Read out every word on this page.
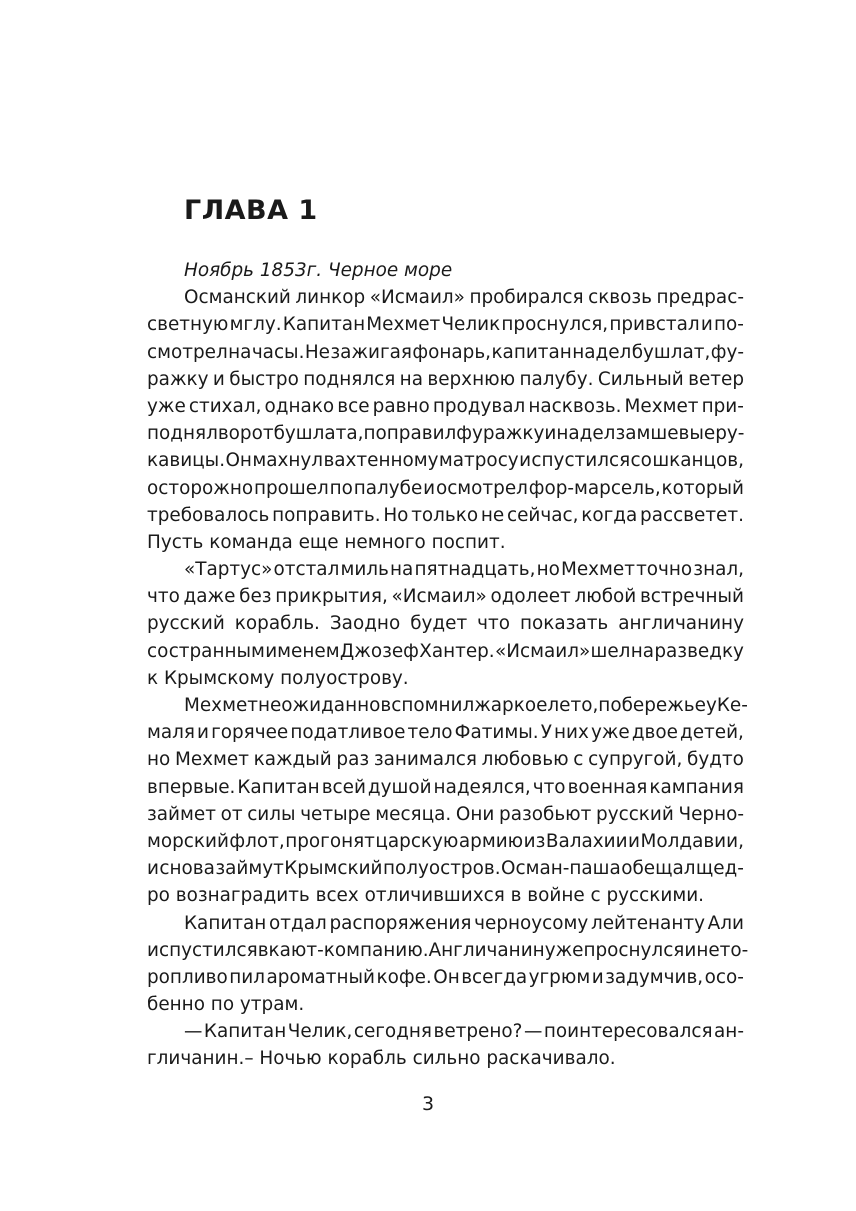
ГЛАВА 1
Ноябрь 1853г. Черное море
Османский линкор «Исмаил» пробирался сквозь предрас-
светную мглу. Капитан Мехмет Челик проснулся, привстал и по-
смотрел на часы. Не зажигая фонарь, капитан надел бушлат, фу-
ражку и быстро поднялся на верхнюю палубу. Сильный ветер
уже стихал, однако все равно продувал насквозь. Мехмет при-
поднял ворот бушлата, поправил фуражку и надел замшевые ру-
кавицы. Он махнул вахтенному матросу и спустился со шканцов,
осторожно прошел по палубе и осмотрел фор-марсель, который
требовалось поправить. Но только не сейчас, когда рассветет.
Пусть команда еще немного поспит.
«Тартус» отстал миль на пятнадцать, но Мехмет точно знал,
что даже без прикрытия, «Исмаил» одолеет любой встречный
русский корабль. Заодно будет что показать англичанину
со странным именем Джозеф Хантер. «Исмаил» шел на разведку
к Крымскому полуострову.
Мехмет неожиданно вспомнил жаркое лето, побережье у Ке-
маля и горячее податливое тело Фатимы. У них уже двое детей,
но Мехмет каждый раз занимался любовью с супругой, будто
впервые. Капитан всей душой надеялся, что военная кампания
займет от силы четыре месяца. Они разобьют русский Черно-
морский флот, прогонят царскую армию из Валахии и Молдавии,
и снова займут Крымский полуостров. Осман-паша обещал щед-
ро вознаградить всех отличившихся в войне с русскими.
Капитан отдал распоряжения черноусому лейтенанту Али
и спустился в кают-компанию. Англичанин уже проснулся и нето-
ропливо пил ароматный кофе. Он всегда угрюм и задумчив, осо-
бенно по утрам.
— Капитан Челик, сегодня ветрено? — поинтересовался ан-
гличанин.– Ночью корабль сильно раскачивало.
3
